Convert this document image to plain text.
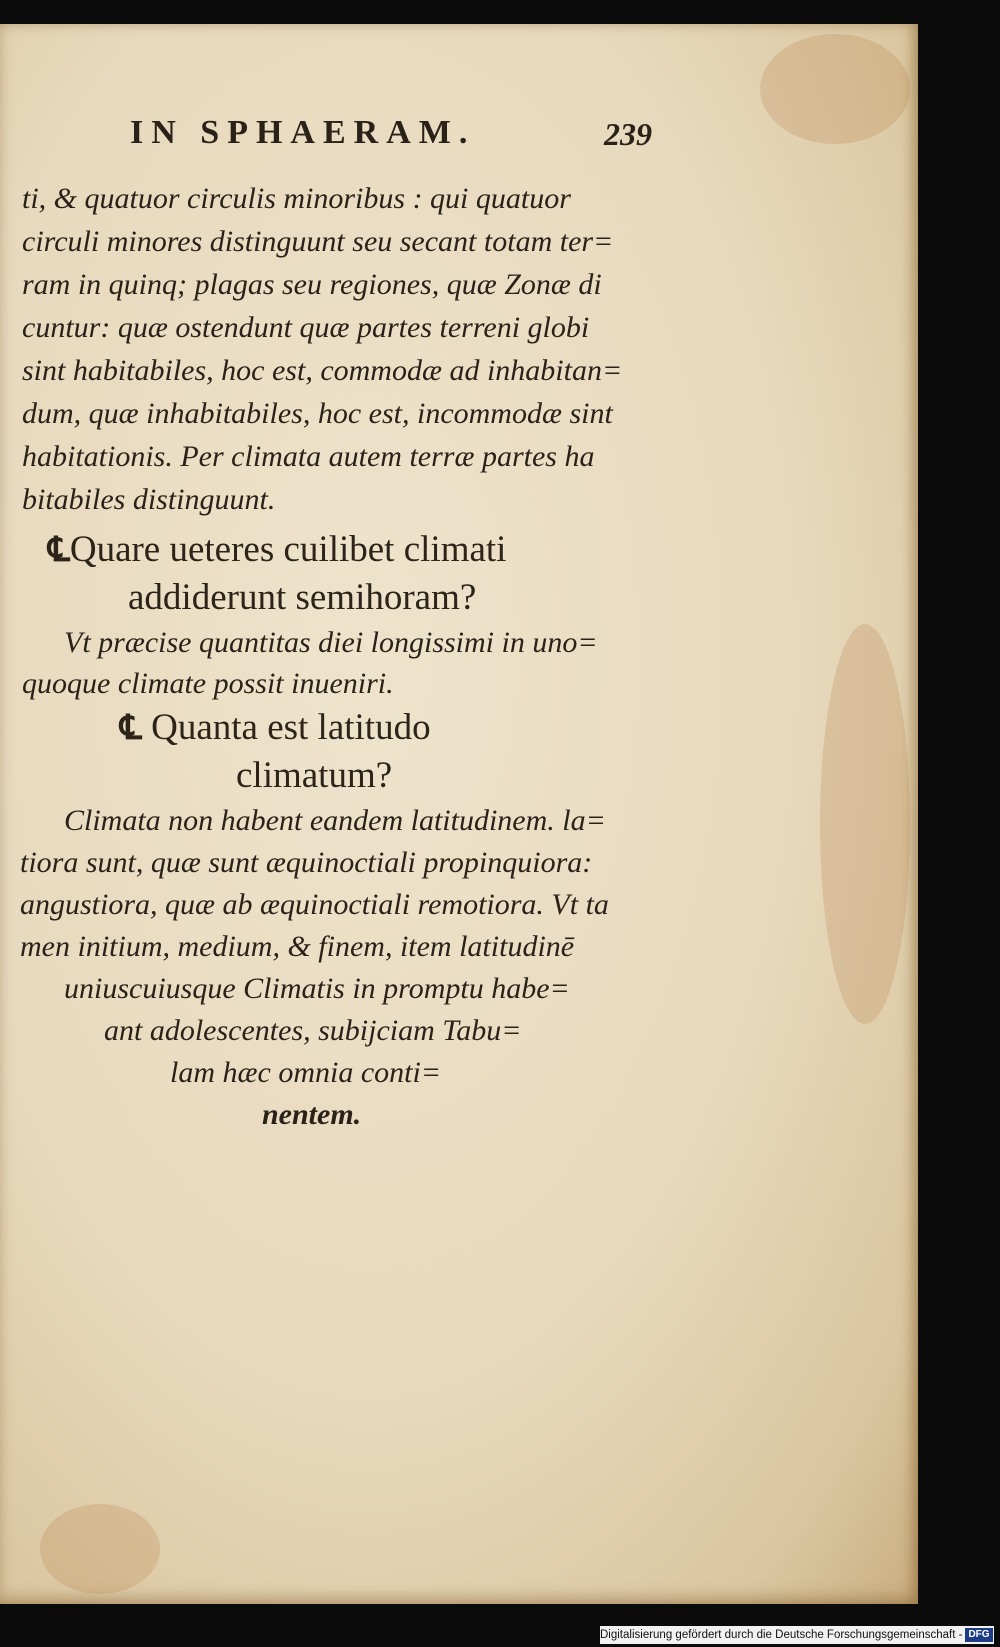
IN SPHAERAM.	239
ti, & quatuor circulis minoribus : qui quatuor
circuli minores distinguunt seu secant totam ter=
ram in quinq; plagas seu regiones, quæ Zonæ di
cuntur: quæ ostendunt quæ partes terreni globi
sint habitabiles, hoc est, commodæ ad inhabitan=
dum, quæ inhabitabiles, hoc est, incommodæ sint
habitationis. Per climata autem terræ partes ha
bitabiles distinguunt.
℄Quare ueteres cuilibet climati
addiderunt semihoram?
Vt præcise quantitas diei longissimi in uno=
quoque climate possit inueniri.
℄ Quanta est latitudo
climatum?
Climata non habent eandem latitudinem. la=
tiora sunt, quæ sunt æquinoctiali propinquiora:
angustiora, quæ ab æquinoctiali remotiora. Vt ta
men initium, medium, & finem, item latitudinē
uniuscuiusque Climatis in promptu habe=
ant adolescentes, subijciam Tabu=
lam hæc omnia conti=
nentem.
Digitalisierung gefördert durch die Deutsche Forschungsgemeinschaft - DFG
